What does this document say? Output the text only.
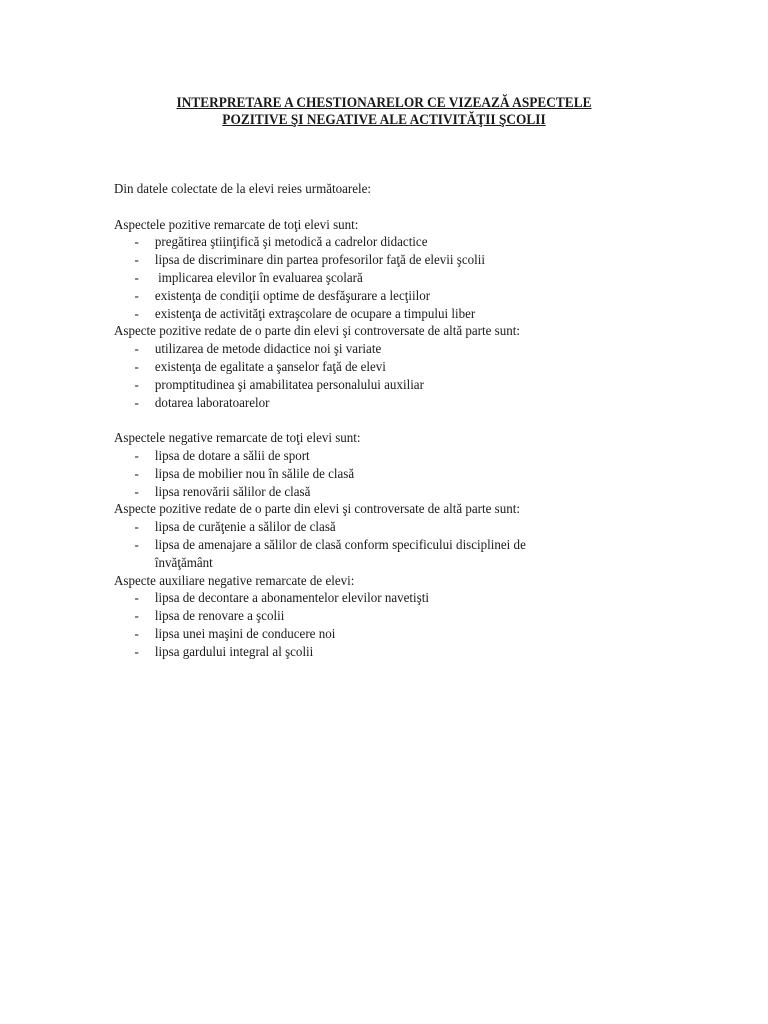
INTERPRETARE A CHESTIONARELOR CE VIZEAZĂ ASPECTELE
POZITIVE ŞI NEGATIVE ALE ACTIVITĂŢII ŞCOLII
Din datele colectate de la elevi reies următoarele:
Aspectele pozitive remarcate de toţi elevi sunt:
- pregătirea ştiinţifică şi metodică a cadrelor didactice
- lipsa de discriminare din partea profesorilor faţă de elevii şcolii
- implicarea elevilor în evaluarea şcolară
- existenţa de condiţii optime de desfăşurare a lecţiilor
- existenţa de activităţi extraşcolare de ocupare a timpului liber
Aspecte pozitive redate de o parte din elevi şi controversate de altă parte sunt:
- utilizarea de metode didactice noi şi variate
- existenţa de egalitate a şanselor faţă de elevi
- promptitudinea şi amabilitatea personalului auxiliar
- dotarea laboratoarelor
Aspectele negative remarcate de toţi elevi sunt:
- lipsa de dotare a sălii de sport
- lipsa de mobilier nou în sălile de clasă
- lipsa renovării sălilor de clasă
Aspecte pozitive redate de o parte din elevi şi controversate de altă parte sunt:
- lipsa de curăţenie a sălilor de clasă
- lipsa de amenajare a sălilor de clasă conform specificului disciplinei de învăţământ
Aspecte auxiliare negative remarcate de elevi:
- lipsa de decontare a abonamentelor elevilor navetişti
- lipsa de renovare a şcolii
- lipsa unei maşini de conducere noi
- lipsa gardului integral al şcolii
